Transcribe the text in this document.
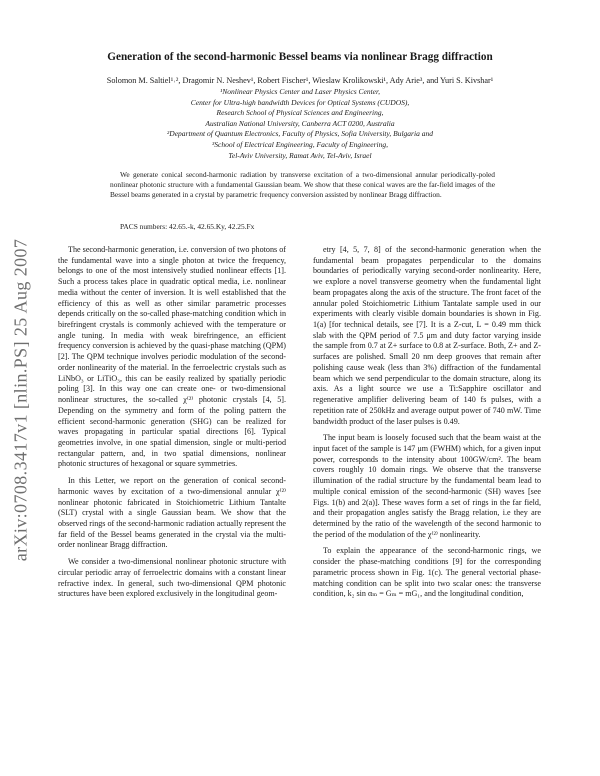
arXiv:0708.3417v1 [nlin.PS] 25 Aug 2007
Generation of the second-harmonic Bessel beams via nonlinear Bragg diffraction
Solomon M. Saltiel¹˒², Dragomir N. Neshev¹, Robert Fischer¹, Wieslaw Krolikowski¹, Ady Arie³, and Yuri S. Kivshar¹
¹Nonlinear Physics Center and Laser Physics Center,
Center for Ultra-high bandwidth Devices for Optical Systems (CUDOS),
Research School of Physical Sciences and Engineering,
Australian National University, Canberra ACT 0200, Australia
²Department of Quantum Electronics, Faculty of Physics, Sofia University, Bulgaria and
³School of Electrical Engineering, Faculty of Engineering,
Tel-Aviv University, Ramat Aviv, Tel-Aviv, Israel
We generate conical second-harmonic radiation by transverse excitation of a two-dimensional annular periodically-poled nonlinear photonic structure with a fundamental Gaussian beam. We show that these conical waves are the far-field images of the Bessel beams generated in a crystal by parametric frequency conversion assisted by nonlinear Bragg diffraction.
PACS numbers: 42.65.-k, 42.65.Ky, 42.25.Fx

The second-harmonic generation, i.e. conversion of two photons of the fundamental wave into a single photon at twice the frequency, belongs to one of the most intensively studied nonlinear effects [1]. Such a process takes place in quadratic optical media, i.e. nonlinear media without the center of inversion. It is well established that the efficiency of this as well as other similar parametric processes depends critically on the so-called phase-matching condition which in birefringent crystals is commonly achieved with the temperature or angle tuning. In media with weak birefringence, an efficient frequency conversion is achieved by the quasi-phase matching (QPM) [2]. The QPM technique involves periodic modulation of the second-order nonlinearity of the material. In the ferroelectric crystals such as LiNbO₃ or LiTiO₃, this can be easily realized by spatially periodic poling [3]. In this way one can create one- or two-dimensional nonlinear structures, the so-called χ⁽²⁾ photonic crystals [4, 5]. Depending on the symmetry and form of the poling pattern the efficient second-harmonic generation (SHG) can be realized for waves propagating in particular spatial directions [6]. Typical geometries involve, in one spatial dimension, single or multi-period rectangular pattern, and, in two spatial dimensions, nonlinear photonic structures of hexagonal or square symmetries.

In this Letter, we report on the generation of conical second-harmonic waves by excitation of a two-dimensional annular χ⁽²⁾ nonlinear photonic fabricated in Stoichiometric Lithium Tantalte (SLT) crystal with a single Gaussian beam. We show that the observed rings of the second-harmonic radiation actually represent the far field of the Bessel beams generated in the crystal via the multi-order nonlinear Bragg diffraction.

We consider a two-dimensional nonlinear photonic structure with circular periodic array of ferroelectric domains with a constant linear refractive index. In general, such two-dimensional QPM photonic structures have been explored exclusively in the longitudinal geom-

etry [4, 5, 7, 8] of the second-harmonic generation when the fundamental beam propagates perpendicular to the domains boundaries of periodically varying second-order nonlinearity. Here, we explore a novel transverse geometry when the fundamental light beam propagates along the axis of the structure. The front facet of the annular poled Stoichiometric Lithium Tantalate sample used in our experiments with clearly visible domain boundaries is shown in Fig. 1(a) [for technical details, see [7]. It is a Z-cut, L = 0.49 mm thick slab with the QPM period of 7.5 μm and duty factor varying inside the sample from 0.7 at Z+ surface to 0.8 at Z-surface. Both, Z+ and Z- surfaces are polished. Small 20 nm deep grooves that remain after polishing cause weak (less than 3%) diffraction of the fundamental beam which we send perpendicular to the domain structure, along its axis. As a light source we use a Ti:Sapphire oscillator and regenerative amplifier delivering beam of 140 fs pulses, with a repetition rate of 250kHz and average output power of 740 mW. Time bandwidth product of the laser pulses is 0.49.

The input beam is loosely focused such that the beam waist at the input facet of the sample is 147 μm (FWHM) which, for a given input power, corresponds to the intensity about 100GW/cm². The beam covers roughly 10 domain rings. We observe that the transverse illumination of the radial structure by the fundamental beam lead to multiple conical emission of the second-harmonic (SH) waves [see Figs. 1(b) and 2(a)]. These waves form a set of rings in the far field, and their propagation angles satisfy the Bragg relation, i.e they are determined by the ratio of the wavelength of the second harmonic to the period of the modulation of the χ⁽²⁾ nonlinearity.

To explain the appearance of the second-harmonic rings, we consider the phase-matching conditions [9] for the corresponding parametric process shown in Fig. 1(c). The general vectorial phase-matching condition can be split into two scalar ones: the transverse condition, k₂ sin αₘ = Gₘ = mG₁, and the longitudinal condition,
